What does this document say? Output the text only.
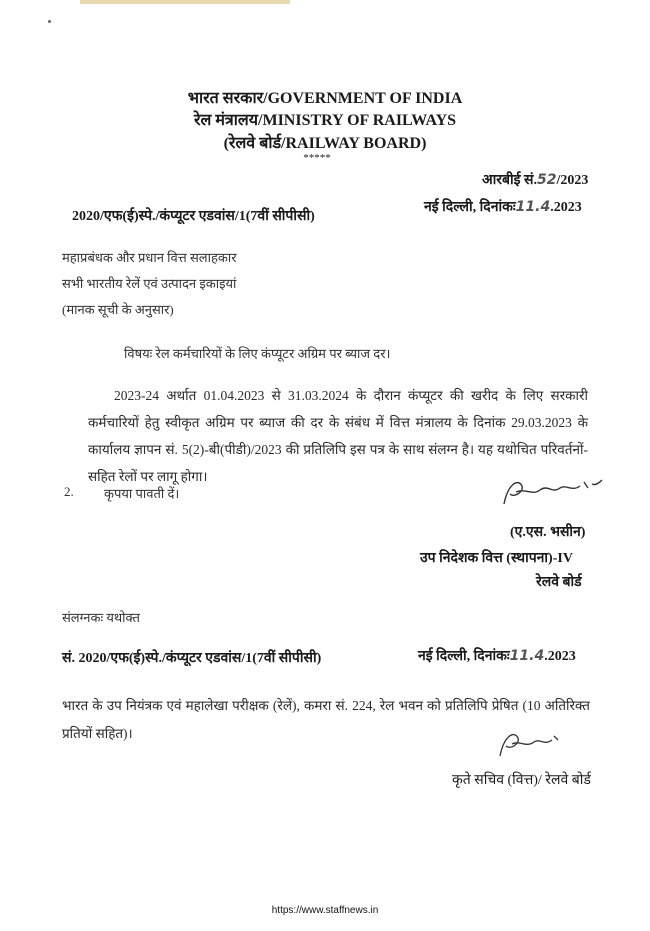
भारत सरकार/GOVERNMENT OF INDIA
रेल मंत्रालय/MINISTRY OF RAILWAYS
(रेलवे बोर्ड/RAILWAY BOARD)
*****
आरबीई सं.52/2023
2020/एफ(ई)स्पे./कंप्यूटर एडवांस/1(7वीं सीपीसी)
नई दिल्ली, दिनांकः11.4.2023
महाप्रबंधक और प्रधान वित्त सलाहकार
सभी भारतीय रेलें एवं उत्पादन इकाइयां
(मानक सूची के अनुसार)
विषयः रेल कर्मचारियों के लिए कंप्यूटर अग्रिम पर ब्याज दर।
2023-24 अर्थात 01.04.2023 से 31.03.2024 के दौरान कंप्यूटर की खरीद के लिए सरकारी कर्मचारियों हेतु स्वीकृत अग्रिम पर ब्याज की दर के संबंध में वित्त मंत्रालय के दिनांक 29.03.2023 के कार्यालय ज्ञापन सं. 5(2)-बी(पीडी)/2023 की प्रतिलिपि इस पत्र के साथ संलग्न है। यह यथोचित परिवर्तनों-सहित रेलों पर लागू होगा।
2. कृपया पावती दें।
(ए.एस. भसीन)
उप निदेशक वित्त (स्थापना)-IV
रेलवे बोर्ड
संलग्नकः यथोक्त
सं. 2020/एफ(ई)स्पे./कंप्यूटर एडवांस/1(7वीं सीपीसी)	नई दिल्ली, दिनांकः11.4.2023
भारत के उप नियंत्रक एवं महालेखा परीक्षक (रेलें), कमरा सं. 224, रेल भवन को प्रतिलिपि प्रेषित (10 अतिरिक्त प्रतियों सहित)।
कृते सचिव (वित्त)/ रेलवे बोर्ड
https://www.staffnews.in
